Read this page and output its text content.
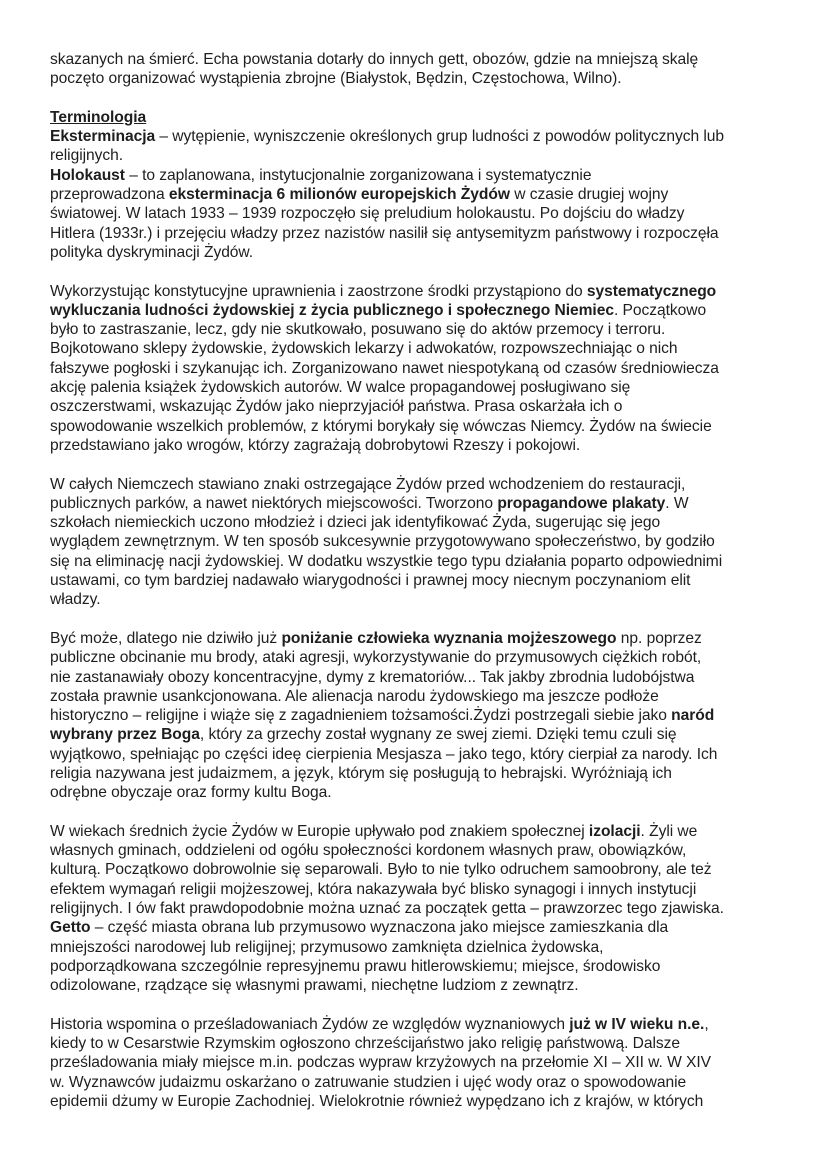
skazanych na śmierć. Echa powstania dotarły do innych gett, obozów, gdzie na mniejszą skalę
poczęto organizować wystąpienia zbrojne (Białystok, Będzin, Częstochowa, Wilno).
Terminologia
Eksterminacja – wytępienie, wyniszczenie określonych grup ludności z powodów politycznych lub
religijnych.
Holokaust – to zaplanowana, instytucjonalnie zorganizowana i systematycznie
przeprowadzona eksterminacja 6 milionów europejskich Żydów w czasie drugiej wojny
światowej. W latach 1933 – 1939 rozpoczęło się preludium holokaustu. Po dojściu do władzy
Hitlera (1933r.) i przejęciu władzy przez nazistów nasilił się antysemityzm państwowy i rozpoczęła
polityka dyskryminacji Żydów.
Wykorzystując konstytucyjne uprawnienia i zaostrzone środki przystąpiono do systematycznego
wykluczania ludności żydowskiej z życia publicznego i społecznego Niemiec. Początkowo
było to zastraszanie, lecz, gdy nie skutkowało, posuwano się do aktów przemocy i terroru.
Bojkotowano sklepy żydowskie, żydowskich lekarzy i adwokatów, rozpowszechniając o nich
fałszywe pogłoski i szykanując ich. Zorganizowano nawet niespotykaną od czasów średniowiecza
akcję palenia książek żydowskich autorów. W walce propagandowej posługiwano się
oszczerstwami, wskazując Żydów jako nieprzyjaciół państwa. Prasa oskarżała ich o
spowodowanie wszelkich problemów, z którymi borykały się wówczas Niemcy. Żydów na świecie
przedstawiano jako wrogów, którzy zagrażają dobrobytowi Rzeszy i pokojowi.
W całych Niemczech stawiano znaki ostrzegające Żydów przed wchodzeniem do restauracji,
publicznych parków, a nawet niektórych miejscowości. Tworzono propagandowe plakaty. W
szkołach niemieckich uczono młodzież i dzieci jak identyfikować Żyda, sugerując się jego
wyglądem zewnętrznym. W ten sposób sukcesywnie przygotowywano społeczeństwo, by godziło
się na eliminację nacji żydowskiej. W dodatku wszystkie tego typu działania poparto odpowiednimi
ustawami, co tym bardziej nadawało wiarygodności i prawnej mocy niecnym poczynaniom elit
władzy.
Być może, dlatego nie dziwiło już poniżanie człowieka wyznania mojżeszowego np. poprzez
publiczne obcinanie mu brody, ataki agresji, wykorzystywanie do przymusowych ciężkich robót,
nie zastanawiały obozy koncentracyjne, dymy z krematoriów... Tak jakby zbrodnia ludobójstwa
została prawnie usankcjonowana. Ale alienacja narodu żydowskiego ma jeszcze podłoże
historyczno – religijne i wiąże się z zagadnieniem tożsamości.Żydzi postrzegali siebie jako naród
wybrany przez Boga, który za grzechy został wygnany ze swej ziemi. Dzięki temu czuli się
wyjątkowo, spełniając po części ideę cierpienia Mesjasza – jako tego, który cierpiał za narody. Ich
religia nazywana jest judaizmem, a język, którym się posługują to hebrajski. Wyróżniają ich
odrębne obyczaje oraz formy kultu Boga.
W wiekach średnich życie Żydów w Europie upływało pod znakiem społecznej izolacji. Żyli we
własnych gminach, oddzieleni od ogółu społeczności kordonem własnych praw, obowiązków,
kulturą. Początkowo dobrowolnie się separowali. Było to nie tylko odruchem samoobrony, ale też
efektem wymagań religii mojżeszowej, która nakazywała być blisko synagogi i innych instytucji
religijnych. I ów fakt prawdopodobnie można uznać za początek getta – prawzorzec tego zjawiska.
Getto – część miasta obrana lub przymusowo wyznaczona jako miejsce zamieszkania dla
mniejszości narodowej lub religijnej; przymusowo zamknięta dzielnica żydowska,
podporządkowana szczególnie represyjnemu prawu hitlerowskiemu; miejsce, środowisko
odizolowane, rządzące się własnymi prawami, niechętne ludziom z zewnątrz.
Historia wspomina o prześladowaniach Żydów ze względów wyznaniowych już w IV wieku n.e.,
kiedy to w Cesarstwie Rzymskim ogłoszono chrześcijaństwo jako religię państwową. Dalsze
prześladowania miały miejsce m.in. podczas wypraw krzyżowych na przełomie XI – XII w. W XIV
w. Wyznawców judaizmu oskarżano o zatruwanie studzien i ujęć wody oraz o spowodowanie
epidemii dżumy w Europie Zachodniej. Wielokrotnie również wypędzano ich z krajów, w których
